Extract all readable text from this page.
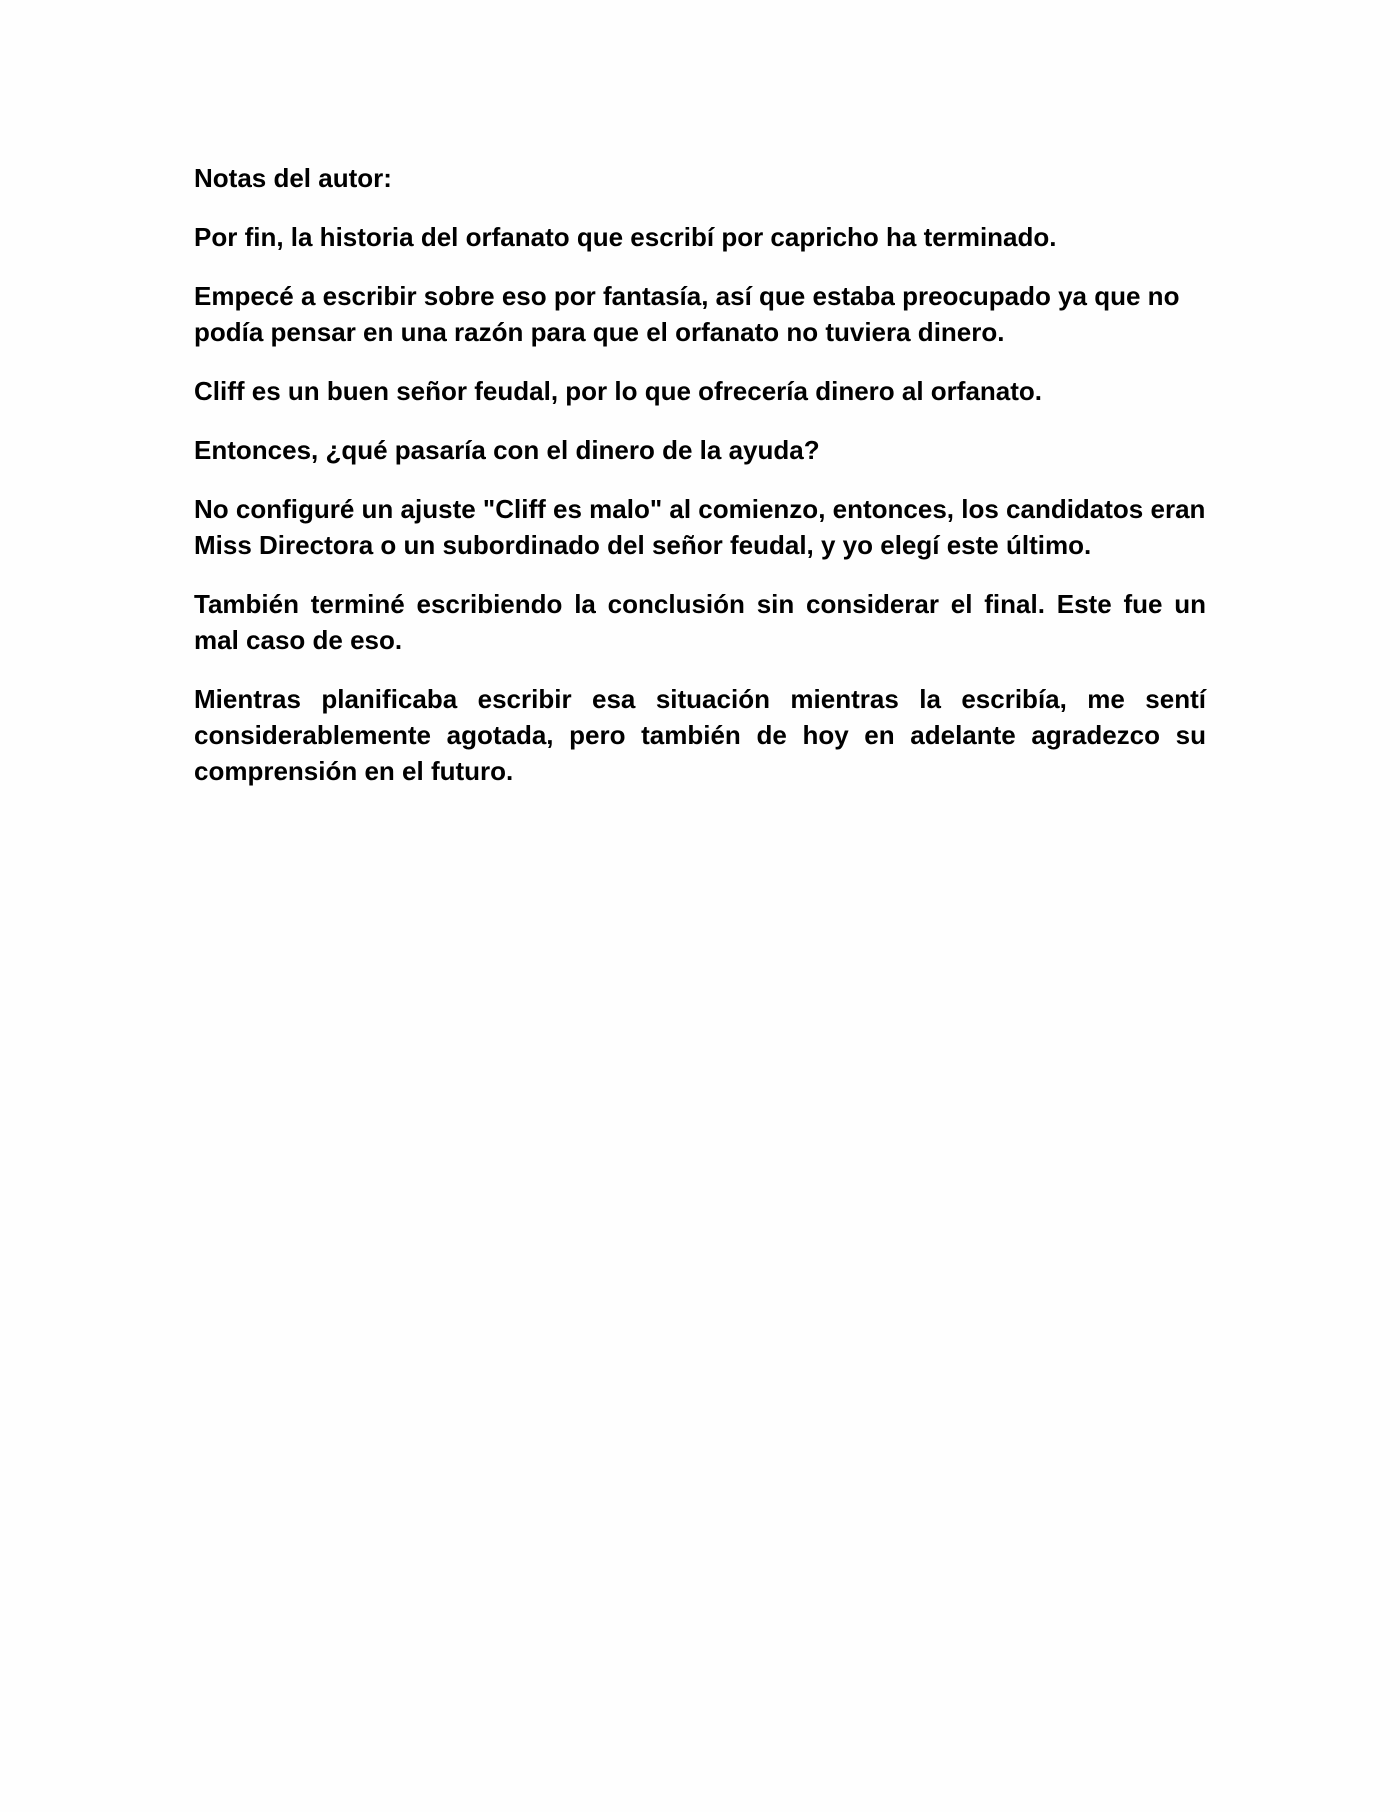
Notas del autor:

Por fin, la historia del orfanato que escribí por capricho ha terminado.

Empecé a escribir sobre eso por fantasía, así que estaba preocupado ya que no podía pensar en una razón para que el orfanato no tuviera dinero.

Cliff es un buen señor feudal, por lo que ofrecería dinero al orfanato.

Entonces, ¿qué pasaría con el dinero de la ayuda?

No configuré un ajuste "Cliff es malo" al comienzo, entonces, los candidatos eran Miss Directora o un subordinado del señor feudal, y yo elegí este último.

También terminé escribiendo la conclusión sin considerar el final. Este fue un mal caso de eso.

Mientras planificaba escribir esa situación mientras la escribía, me sentí considerablemente agotada, pero también de hoy en adelante agradezco su comprensión en el futuro.
